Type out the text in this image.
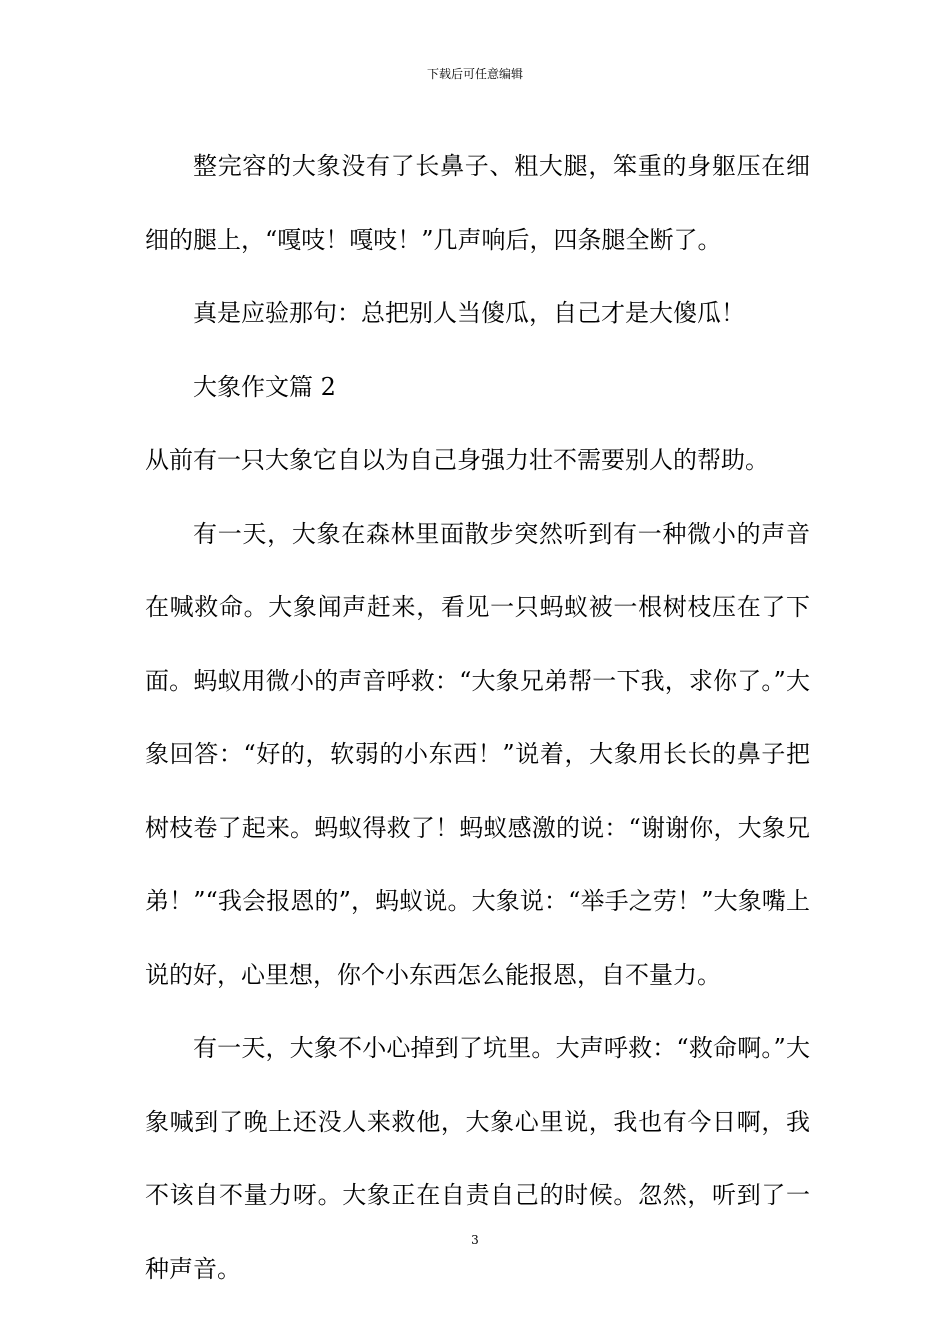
下载后可任意编辑

整完容的大象没有了长鼻子、粗大腿，笨重的身躯压在细细的腿上，“嘎吱！嘎吱！”几声响后，四条腿全断了。

真是应验那句：总把别人当傻瓜，自己才是大傻瓜！

大象作文篇 2

从前有一只大象它自以为自己身强力壮不需要别人的帮助。

有一天，大象在森林里面散步突然听到有一种微小的声音在喊救命。大象闻声赶来，看见一只蚂蚁被一根树枝压在了下面。蚂蚁用微小的声音呼救：“大象兄弟帮一下我，求你了。”大象回答：“好的，软弱的小东西！”说着，大象用长长的鼻子把树枝卷了起来。蚂蚁得救了！蚂蚁感激的说：“谢谢你，大象兄弟！”“我会报恩的”，蚂蚁说。大象说：“举手之劳！”大象嘴上说的好，心里想，你个小东西怎么能报恩，自不量力。

有一天，大象不小心掉到了坑里。大声呼救：“救命啊。”大象喊到了晚上还没人来救他，大象心里说，我也有今日啊，我不该自不量力呀。大象正在自责自己的时候。忽然，听到了一种声音。

3
